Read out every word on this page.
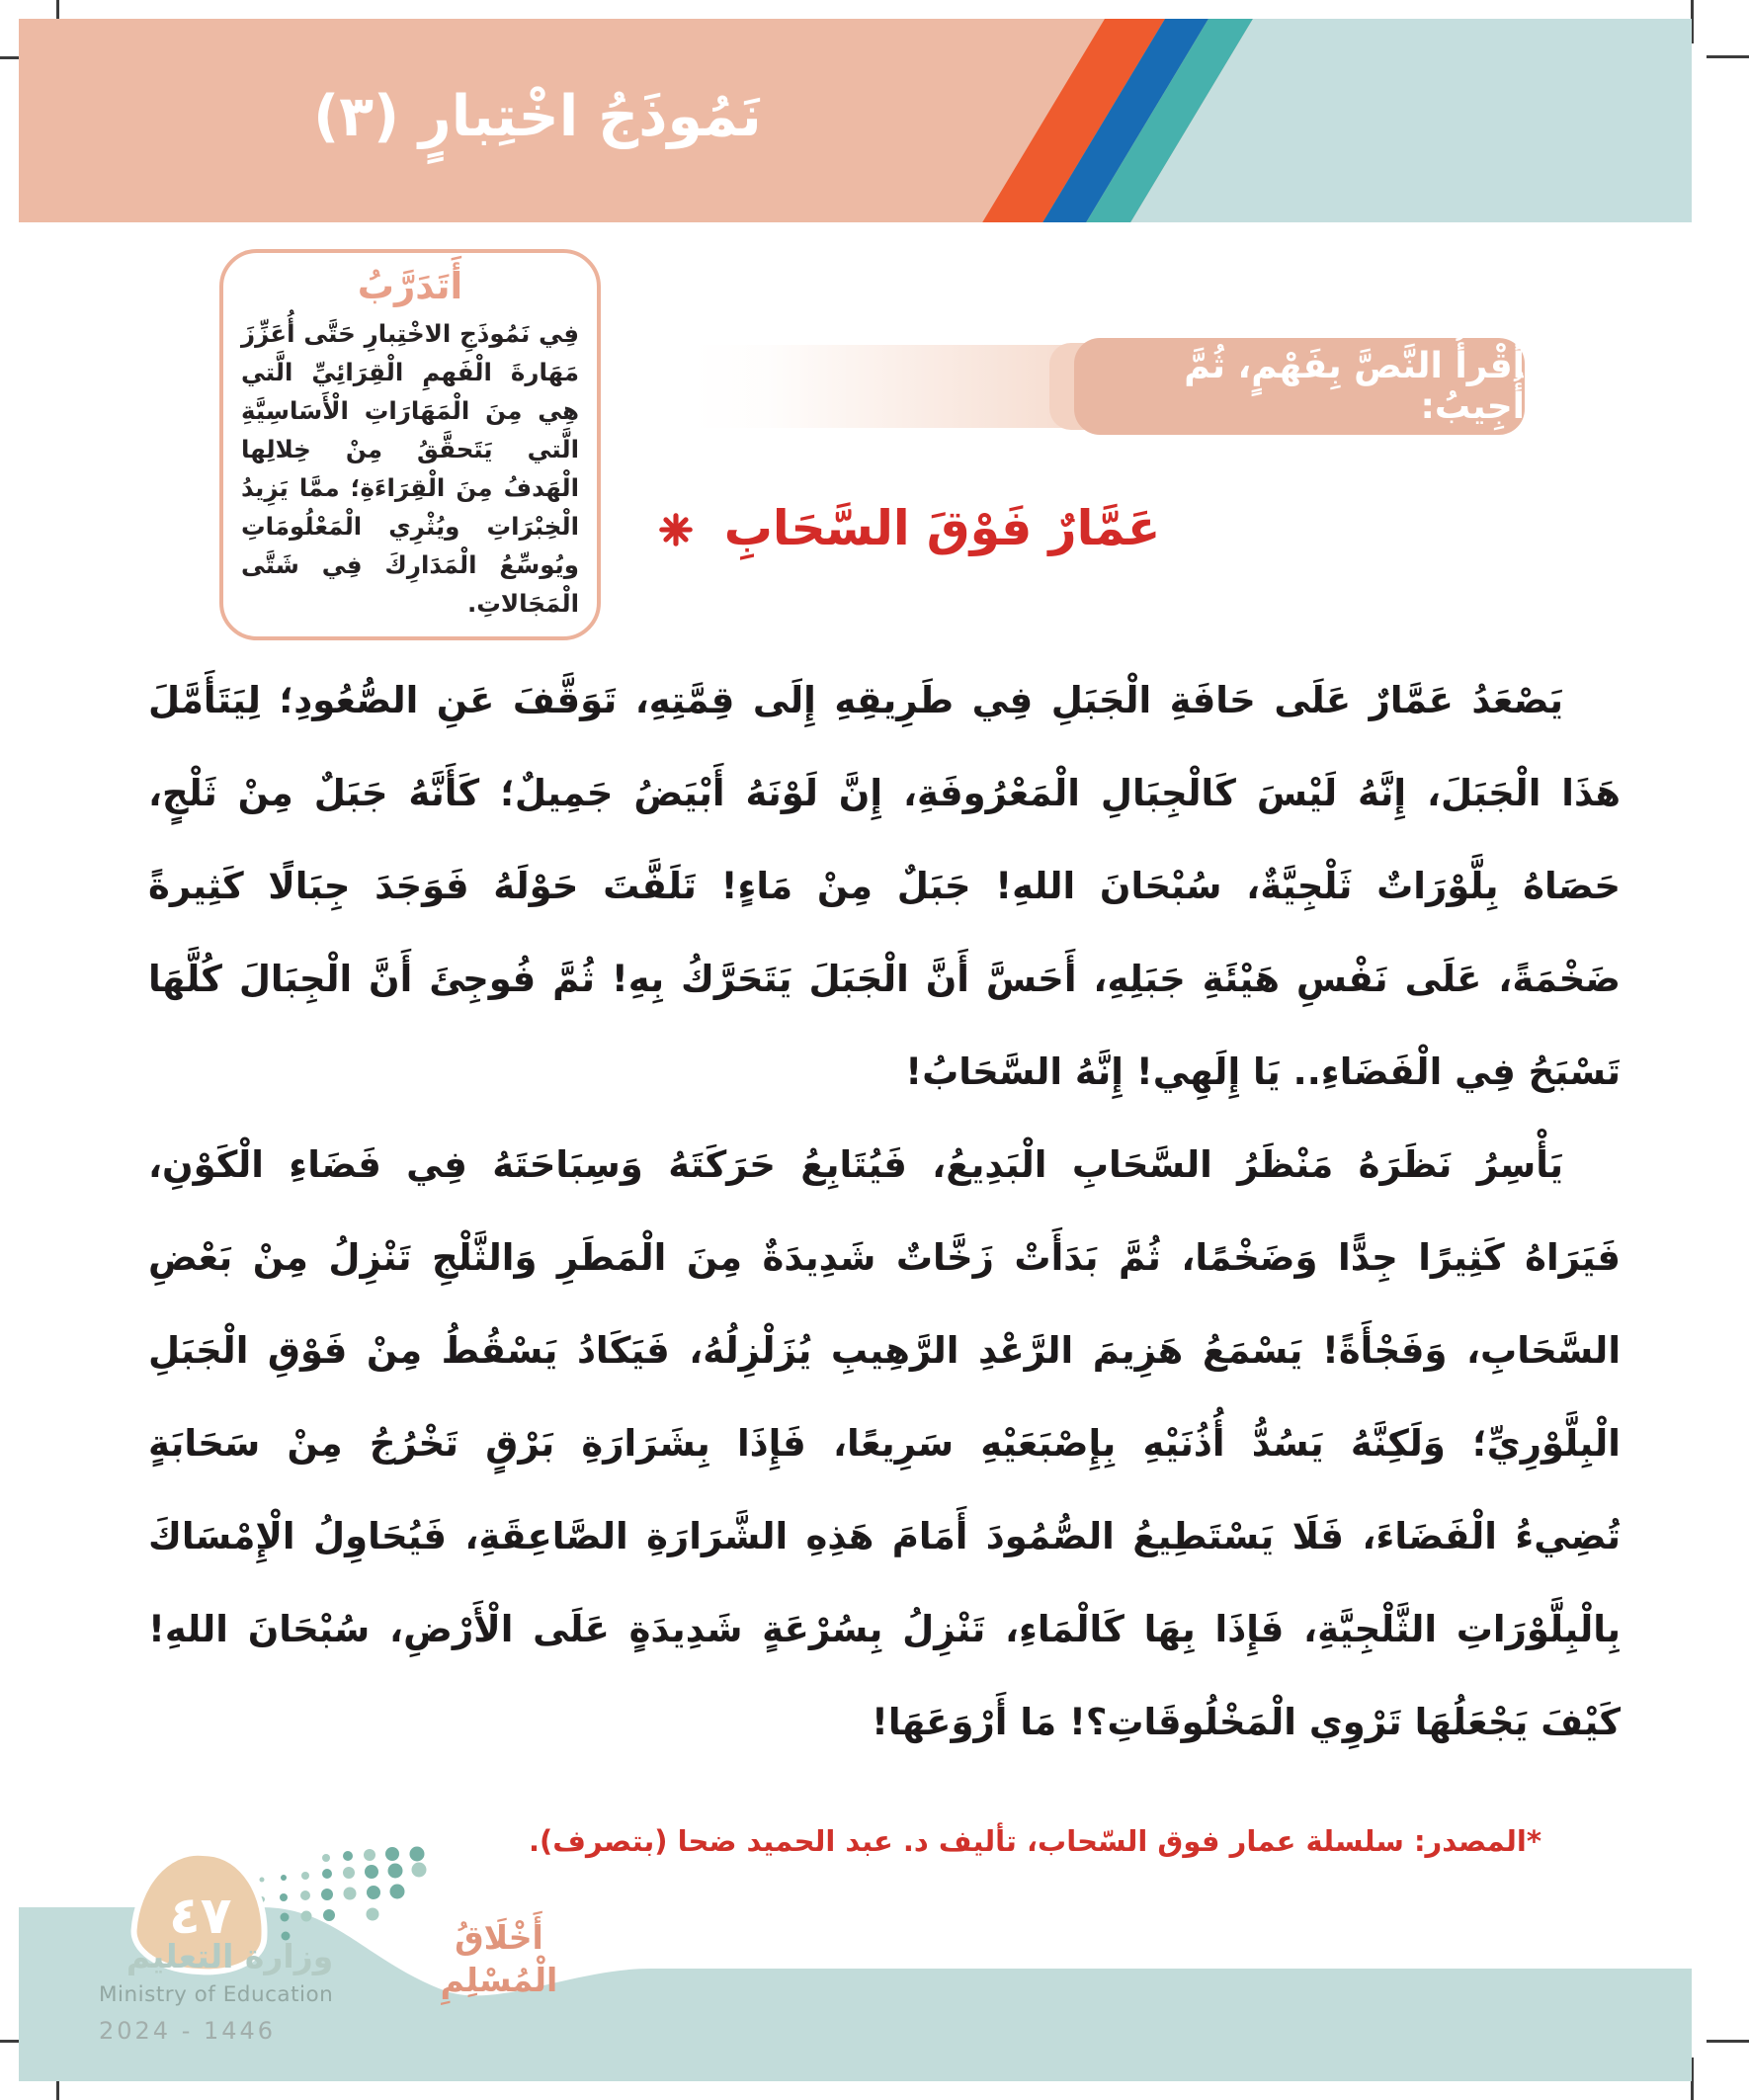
نَمُوذَجُ اخْتِبارٍ (٣)
أَتَدَرَّبُ

فِي نَمُوذَجِ الاخْتِبارِ حَتَّى أُعَزِّزَ مَهَارةَ الْفَهمِ الْقِرَائِيِّ الَّتي هِي مِنَ الْمَهَارَاتِ الْأَسَاسِيَّةِ الَّتي يَتَحقَّقُ مِنْ خِلالِها الْهَدفُ مِنَ الْقِرَاءَةِ؛ ممَّا يَزِيدُ الْخِبْرَاتِ ويُثْرِي الْمَعْلُومَاتِ ويُوسِّعُ الْمَدَارِكَ فِي شَتَّى الْمَجَالاتِ.

أَقْرأُ النَّصَّ بِفَهْمٍ، ثُمَّ أُجِيبُ:
عَمَّارٌ فَوْقَ السَّحَابِ
يَصْعَدُ عَمَّارٌ عَلَى حَافَةِ الْجَبَلِ فِي طَرِيقِهِ إِلَى قِمَّتِهِ، تَوَقَّفَ عَنِ الصُّعُودِ؛ لِيَتَأَمَّلَ
هَذَا الْجَبَلَ، إِنَّهُ لَيْسَ كَالْجِبَالِ الْمَعْرُوفَةِ، إِنَّ لَوْنَهُ أَبْيَضُ جَمِيلٌ؛ كَأَنَّهُ جَبَلٌ مِنْ ثَلْجٍ،
حَصَاهُ بِلَّوْرَاتٌ ثَلْجِيَّةٌ، سُبْحَانَ اللهِ! جَبَلٌ مِنْ مَاءٍ! تَلَفَّتَ حَوْلَهُ فَوَجَدَ جِبَالًا كَثِيرةً
ضَخْمَةً، عَلَى نَفْسِ هَيْئَةِ جَبَلِهِ، أَحَسَّ أَنَّ الْجَبَلَ يَتَحَرَّكُ بِهِ! ثُمَّ فُوجِئَ أَنَّ الْجِبَالَ كُلَّهَا
تَسْبَحُ فِي الْفَضَاءِ.. يَا إِلَهِي! إِنَّهُ السَّحَابُ!
يَأْسِرُ نَظَرَهُ مَنْظَرُ السَّحَابِ الْبَدِيعُ، فَيُتَابِعُ حَرَكَتَهُ وَسِبَاحَتَهُ فِي فَضَاءِ الْكَوْنِ،
فَيَرَاهُ كَثِيرًا جِدًّا وَضَخْمًا، ثُمَّ بَدَأَتْ زَخَّاتٌ شَدِيدَةٌ مِنَ الْمَطَرِ وَالثَّلْجِ تَنْزِلُ مِنْ بَعْضِ
السَّحَابِ، وَفَجْأَةً! يَسْمَعُ هَزِيمَ الرَّعْدِ الرَّهِيبِ يُزَلْزِلُهُ، فَيَكَادُ يَسْقُطُ مِنْ فَوْقِ الْجَبَلِ
الْبِلَّوْرِيِّ؛ وَلَكِنَّهُ يَسُدُّ أُذُنَيْهِ بِإِصْبَعَيْهِ سَرِيعًا، فَإِذَا بِشَرَارَةِ بَرْقٍ تَخْرُجُ مِنْ سَحَابَةٍ
تُضِيءُ الْفَضَاءَ، فَلَا يَسْتَطِيعُ الصُّمُودَ أَمَامَ هَذِهِ الشَّرَارَةِ الصَّاعِقَةِ، فَيُحَاوِلُ الْإِمْسَاكَ
بِالْبِلَّوْرَاتِ الثَّلْجِيَّةِ، فَإِذَا بِهَا كَالْمَاءِ، تَنْزِلُ بِسُرْعَةٍ شَدِيدَةٍ عَلَى الْأَرْضِ، سُبْحَانَ اللهِ!
كَيْفَ يَجْعَلُهَا تَرْوِي الْمَخْلُوقَاتِ؟! مَا أَرْوَعَهَا!

*المصدر: سلسلة عمار فوق السّحاب، تأليف د. عبد الحميد ضحا (بتصرف).

٤٧

وزارة التعليم

Ministry of Education

2024 - 1446

أَخْلَاقُ الْمُسْلِمِ
